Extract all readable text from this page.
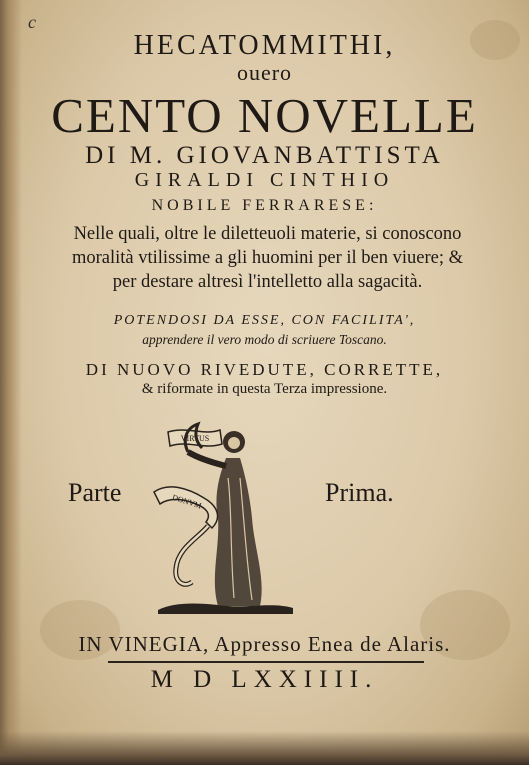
c
HECATOMMITHI,
ouero
CENTO NOVELLE
DI M. GIOVANBATTISTA
GIRALDI CINTHIO
NOBILE FERRARESE:
Nelle quali, oltre le diletteuoli materie, si conoscono
moralità vtilissime a gli huomini per il ben viuere; &
per destare altresì l'intelletto alla sagacità.
POTENDOSI DA ESSE, CON FACILITA',
apprendere il vero modo di scriuere Toscano.
DI NUOVO RIVEDUTE, CORRETTE,
& riformate in questa Terza impressione.
Parte	Prima.
VIRTUS
DONVM
IN VINEGIA, Appresso Enea de Alaris.
M D LXXIIII.
